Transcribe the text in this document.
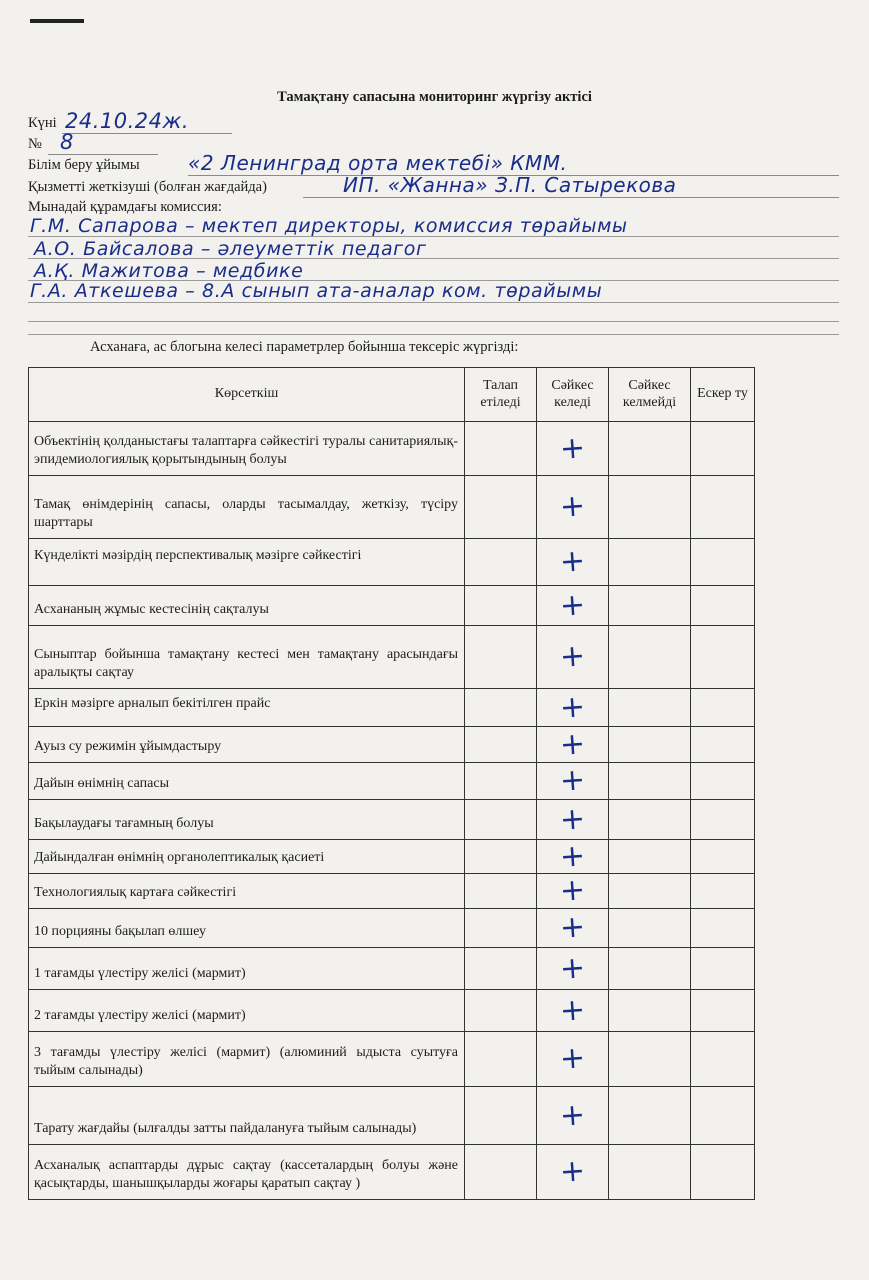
Тамақтану сапасына мониторинг жүргізу актісі
Күні 24.10.24ж.
№ 8
Білім беру ұйымы «2 Ленинград орта мектебі» КММ.
Қызметті жеткізуші (болған жағдайда)	ИП. «Жанна» З.П. Сатырекова
Мынадай құрамдағы комиссия:
Г.М. Сапарова – мектеп директоры, комиссия төрайымы
А.О. Байсалова – әлеуметтік педагог
А.Қ. Мажитова – медбике
Г.А. Аткешева – 8.А сынып ата-аналар ком. төрайымы
Асханаға, ас блогына келесі параметрлер бойынша тексеріс жүргізді:
Көрсеткіш	Талап етіледі	Сәйкес келеді	Сәйкес келмейді	Ескер ту
Объектінің қолданыстағы талаптарға сәйкестігі туралы санитариялық-эпидемиологиялық қорытындының болуы		+		
Тамақ өнімдерінің сапасы, оларды тасымалдау, жеткізу, түсіру шарттары		+		
Күнделікті мәзірдің перспективалық мәзірге сәйкестігі		+		
Асхананың жұмыс кестесінің сақталуы		+		
Сыныптар бойынша тамақтану кестесі мен тамақтану арасындағы аралықты сақтау		+		
Еркін мәзірге арналып бекітілген прайс		+		
Ауыз су режимін ұйымдастыру		+		
Дайын өнімнің сапасы		+		
Бақылаудағы тағамның болуы		+		
Дайындалған өнімнің органолептикалық қасиеті		+		
Технологиялық картаға сәйкестігі		+		
10 порцияны бақылап өлшеу		+		
1 тағамды үлестіру желісі (мармит)		+		
2 тағамды үлестіру желісі (мармит)		+		
3 тағамды үлестіру желісі (мармит) (алюминий ыдыста суытуға тыйым салынады)		+		
Тарату жағдайы (ылғалды затты пайдалануға тыйым салынады)		+		
Асханалық аспаптарды дұрыс сақтау (кассеталардың болуы және қасықтарды, шанышқыларды жоғары қаратып сақтау )		+		
